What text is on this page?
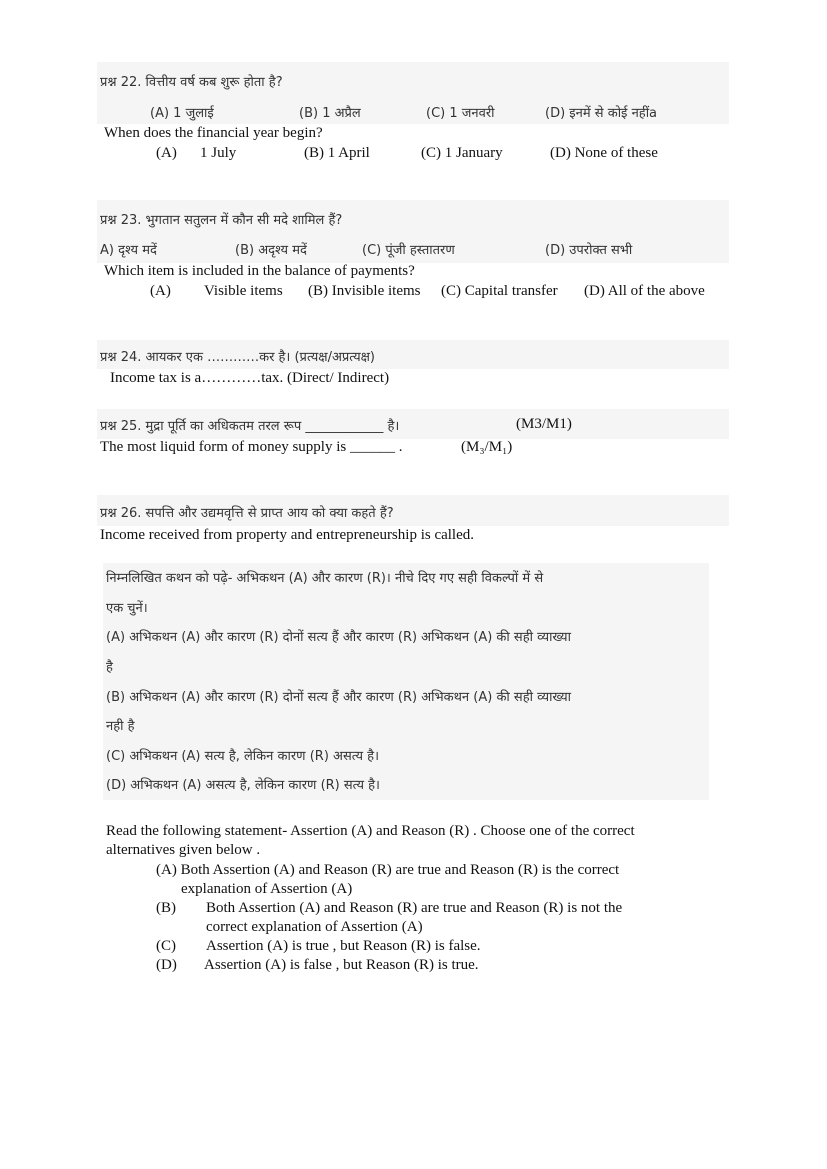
प्रश्न 22. वित्तीय वर्ष कब शुरू होता है?
(A) 1 जुलाई	(B) 1 अप्रैल	(C) 1 जनवरी	(D) इनमें से कोई नहींa
When does the financial year begin?
(A) 1 July	(B) 1 April	(C) 1 January	(D) None of these
प्रश्न 23. भुगतान सतुलन में कौन सी मदे शामिल हैं?
A) दृश्य मदें	(B) अदृश्य मदें	(C) पूंजी हस्तातरण	(D) उपरोक्त सभी
Which item is included in the balance of payments?
(A) Visible items (B) Invisible items (C) Capital transfer (D) All of the above
प्रश्न 24. आयकर एक …………कर है। (प्रत्यक्ष/अप्रत्यक्ष)
Income tax is a…………tax. (Direct/ Indirect)
प्रश्न 25. मुद्रा पूर्ति का अधिकतम तरल रूप ____________ है।	(M3/M1)
The most liquid form of money supply is ______ .	(M₃/M₁)
प्रश्न 26. सपत्ति और उद्यमवृत्ति से प्राप्त आय को क्या कहते हैं?
Income received from property and entrepreneurship is called.
निम्नलिखित कथन को पढ़े- अभिकथन (A) और कारण (R)। नीचे दिए गए सही विकल्पों में से
एक चुनें।
(A) अभिकथन (A) और कारण (R) दोनों सत्य हैं और कारण (R) अभिकथन (A) की सही व्याख्या
है
(B) अभिकथन (A) और कारण (R) दोनों सत्य हैं और कारण (R) अभिकथन (A) की सही व्याख्या
नही है
(C) अभिकथन (A) सत्य है, लेकिन कारण (R) असत्य है।
(D) अभिकथन (A) असत्य है, लेकिन कारण (R) सत्य है।
Read the following statement- Assertion (A) and Reason (R) . Choose one of the correct
alternatives given below .
(A) Both Assertion (A) and Reason (R) are true and Reason (R) is the correct
explanation of Assertion (A)
(B) Both Assertion (A) and Reason (R) are true and Reason (R) is not the
correct explanation of Assertion (A)
(C) Assertion (A) is true , but Reason (R) is false.
(D) Assertion (A) is false , but Reason (R) is true.
